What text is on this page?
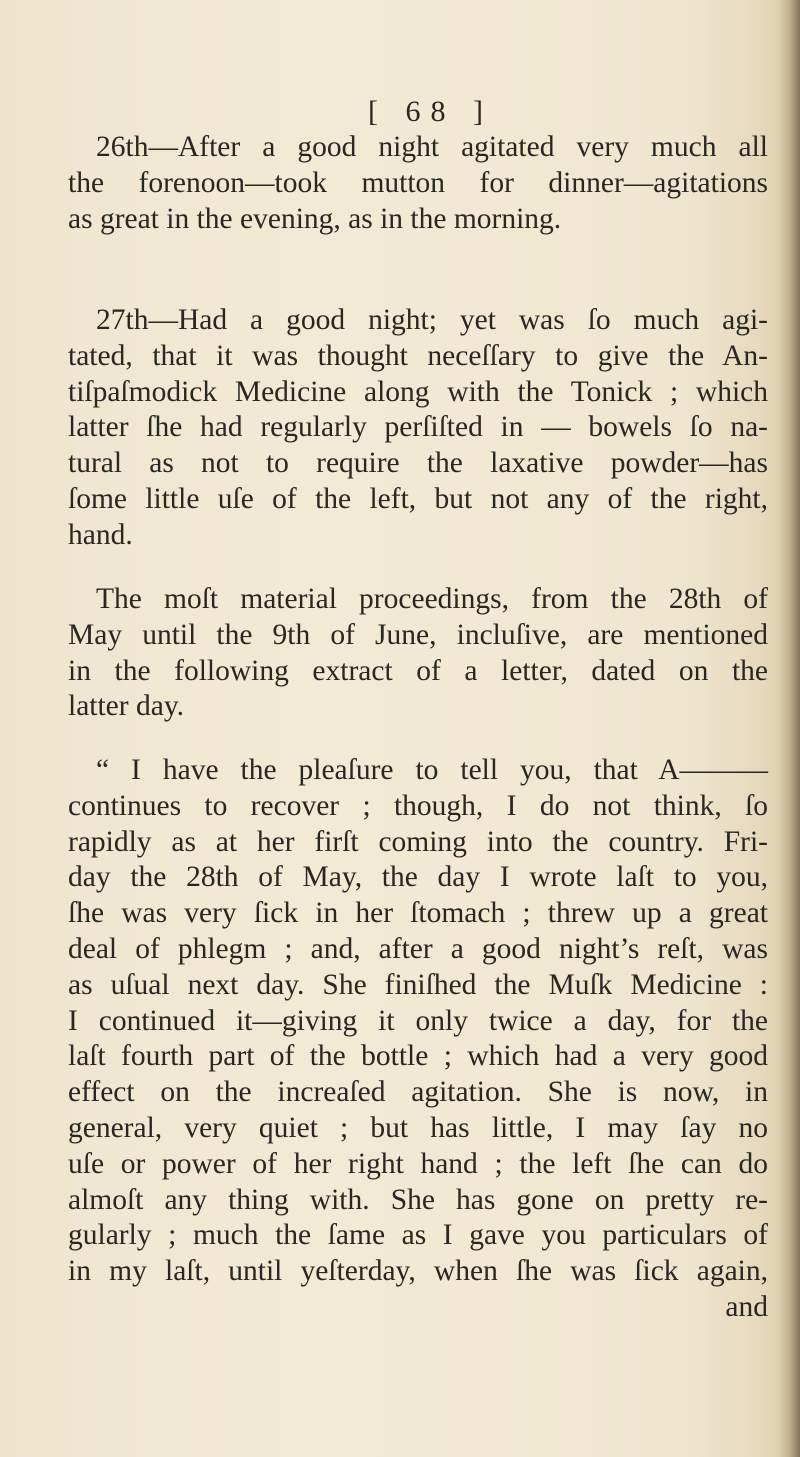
[ 68 ]
26th—After a good night agitated very much all
the forenoon—took mutton for dinner—agitations
as great in the evening, as in the morning.
27th—Had a good night; yet was ſo much agi-
tated, that it was thought neceſſary to give the An-
tiſpaſmodick Medicine along with the Tonick ; which
latter ſhe had regularly perſiſted in — bowels ſo na-
tural as not to require the laxative powder—has
ſome little uſe of the left, but not any of the right,
hand.
The moſt material proceedings, from the 28th of
May until the 9th of June, incluſive, are mentioned
in the following extract of a letter, dated on the
latter day.
“ I have the pleaſure to tell you, that A———
continues to recover ; though, I do not think, ſo
rapidly as at her firſt coming into the country. Fri-
day the 28th of May, the day I wrote laſt to you,
ſhe was very ſick in her ſtomach ; threw up a great
deal of phlegm ; and, after a good night’s reſt, was
as uſual next day. She finiſhed the Muſk Medicine :
I continued it—giving it only twice a day, for the
laſt fourth part of the bottle ; which had a very good
effect on the increaſed agitation. She is now, in
general, very quiet ; but has little, I may ſay no
uſe or power of her right hand ; the left ſhe can do
almoſt any thing with. She has gone on pretty re-
gularly ; much the ſame as I gave you particulars of
in my laſt, until yeſterday, when ſhe was ſick again,
and
